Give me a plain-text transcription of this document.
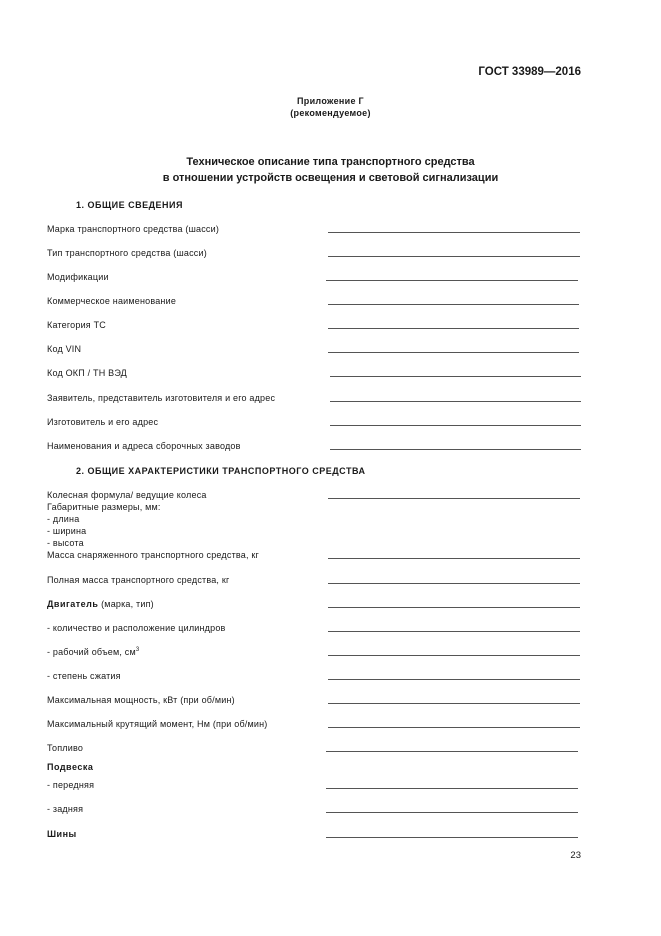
ГОСТ 33989—2016
Приложение Г
(рекомендуемое)
Техническое описание типа транспортного средства
в отношении устройств освещения и световой сигнализации
1. ОБЩИЕ СВЕДЕНИЯ
Марка транспортного средства (шасси)
Тип транспортного средства (шасси)
Модификации
Коммерческое наименование
Категория ТС
Код VIN
Код ОКП / ТН ВЭД
Заявитель, представитель изготовителя и его адрес
Изготовитель и его адрес
Наименования и адреса сборочных заводов
2. ОБЩИЕ ХАРАКТЕРИСТИКИ ТРАНСПОРТНОГО СРЕДСТВА
Колесная формула/ ведущие колеса
Габаритные размеры, мм:
- длина
- ширина
- высота
Масса снаряженного транспортного средства, кг
Полная масса транспортного средства, кг
Двигатель (марка, тип)
- количество и расположение цилиндров
- рабочий объем, $см^3$
- степень сжатия
Максимальная мощность, кВт (при об/мин)
Максимальный крутящий момент, Нм (при об/мин)
Топливо
Подвеска
- передняя
- задняя
Шины
23
